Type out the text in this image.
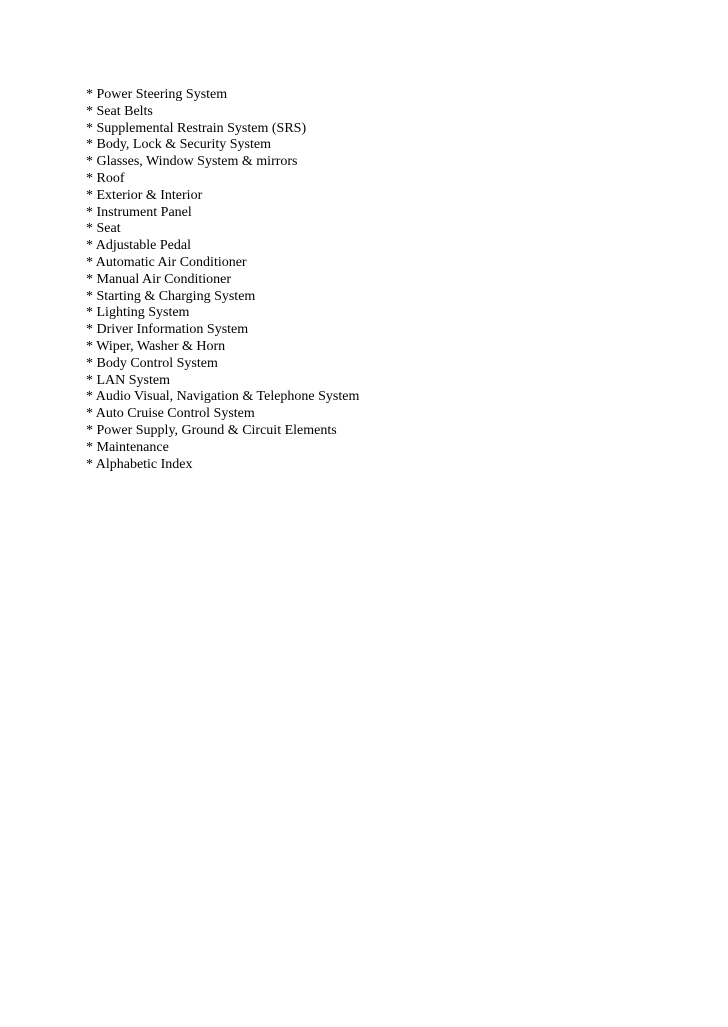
* Power Steering System
* Seat Belts
* Supplemental Restrain System (SRS)
* Body, Lock & Security System
* Glasses, Window System & mirrors
* Roof
* Exterior & Interior
* Instrument Panel
* Seat
* Adjustable Pedal
* Automatic Air Conditioner
* Manual Air Conditioner
* Starting & Charging System
* Lighting System
* Driver Information System
* Wiper, Washer & Horn
* Body Control System
* LAN System
* Audio Visual, Navigation & Telephone System
* Auto Cruise Control System
* Power Supply, Ground & Circuit Elements
* Maintenance
* Alphabetic Index
